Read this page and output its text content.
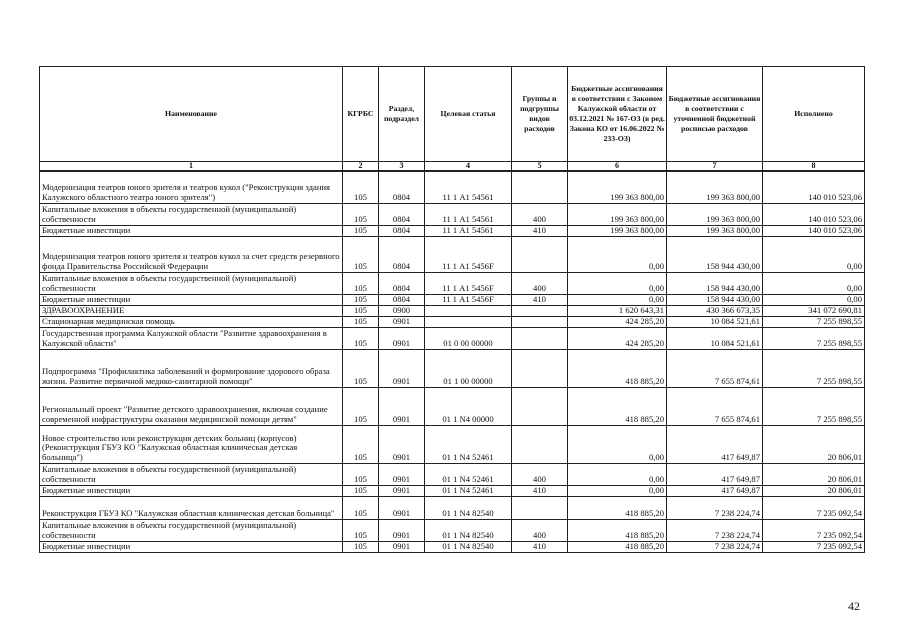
Наименование	КГРБС	Раздел, подраздел	Целевая статья	Группы и подгруппы видов расходов	Бюджетные ассигнования в соответствии с Законом Калужской области от 03.12.2021 № 167-ОЗ (в ред. Закона КО от 16.06.2022 № 233-ОЗ)	Бюджетные ассигнования в соответствии с уточненной бюджетной росписью расходов	Исполнено
1	2	3	4	5	6	7	8
Модернизация театров юного зрителя и театров кукол ("Реконструкция здания Калужского областного театра юного зрителя")	105	0804	11 1 А1 54561		199 363 800,00	199 363 800,00	140 010 523,06
Капитальные вложения в объекты государственной (муниципальной) собственности	105	0804	11 1 А1 54561	400	199 363 800,00	199 363 800,00	140 010 523,06
Бюджетные инвестиции	105	0804	11 1 А1 54561	410	199 363 800,00	199 363 800,00	140 010 523,06
Модернизация театров юного зрителя и театров кукол за счет средств резервного фонда Правительства Российской Федерации	105	0804	11 1 А1 5456F		0,00	158 944 430,00	0,00
Капитальные вложения в объекты государственной (муниципальной) собственности	105	0804	11 1 А1 5456F	400	0,00	158 944 430,00	0,00
Бюджетные инвестиции	105	0804	11 1 А1 5456F	410	0,00	158 944 430,00	0,00
ЗДРАВООХРАНЕНИЕ	105	0900			1 620 643,31	430 366 673,35	341 072 690,81
Стационарная медицинская помощь	105	0901			424 285,20	10 084 521,61	7 255 898,55
Государственная программа Калужской области "Развитие здравоохранения в Калужской области"	105	0901	01 0 00 00000		424 285,20	10 084 521,61	7 255 898,55
Подпрограмма "Профилактика заболеваний и формирование здорового образа жизни. Развитие первичной медико-санитарной помощи"	105	0901	01 1 00 00000		418 885,20	7 655 874,61	7 255 898,55
Региональный проект "Развитие детского здравоохранения, включая создание современной инфраструктуры оказания медицинской помощи детям"	105	0901	01 1 N4 00000		418 885,20	7 655 874,61	7 255 898,55
Новое строительство или реконструкция детских больниц (корпусов) (Реконструкция ГБУЗ КО "Калужская областная клиническая детская больница")	105	0901	01 1 N4 52461		0,00	417 649,87	20 806,01
Капитальные вложения в объекты государственной (муниципальной) собственности	105	0901	01 1 N4 52461	400	0,00	417 649,87	20 806,01
Бюджетные инвестиции	105	0901	01 1 N4 52461	410	0,00	417 649,87	20 806,01
Реконструкция ГБУЗ КО "Калужская областная клиническая детская больница"	105	0901	01 1 N4 82540		418 885,20	7 238 224,74	7 235 092,54
Капитальные вложения в объекты государственной (муниципальной) собственности	105	0901	01 1 N4 82540	400	418 885,20	7 238 224,74	7 235 092,54
Бюджетные инвестиции	105	0901	01 1 N4 82540	410	418 885,20	7 238 224,74	7 235 092,54
42
